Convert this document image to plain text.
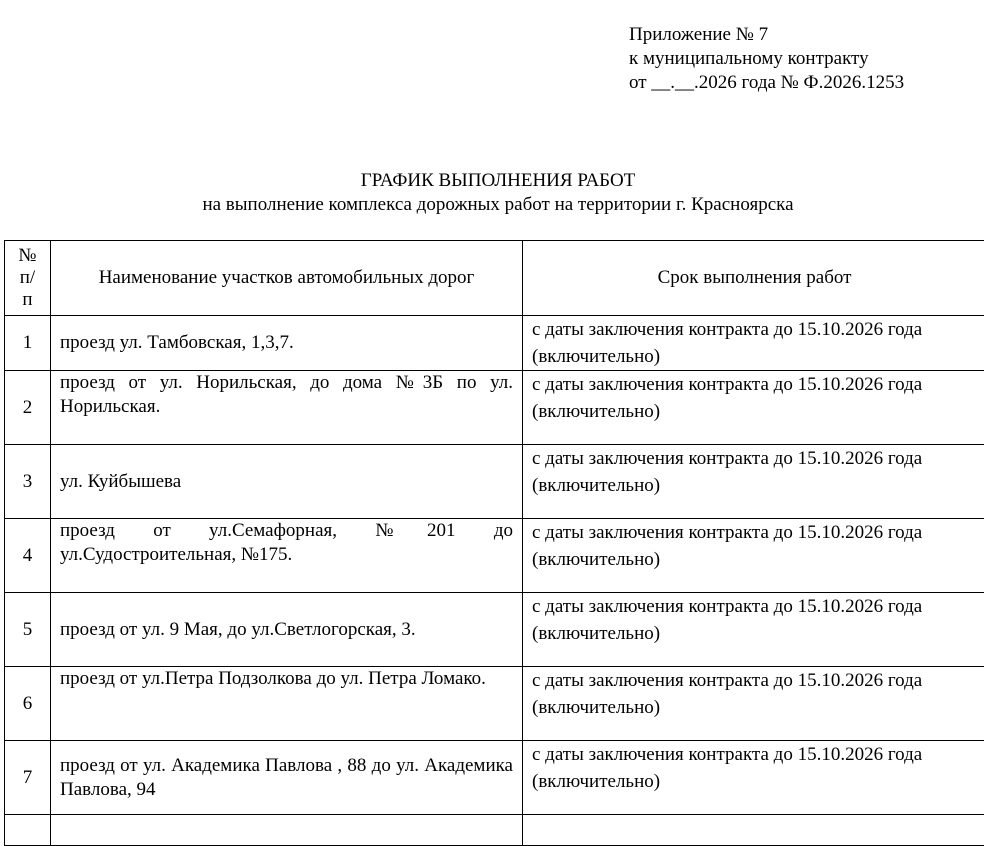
Приложение № 7
к муниципальному контракту
от __.__.2026 года № Ф.2026.1253
ГРАФИК ВЫПОЛНЕНИЯ РАБОТ
на выполнение комплекса дорожных работ на территории г. Красноярска
№
п/
п	Наименование участков автомобильных дорог	Срок выполнения работ
1	проезд ул. Тамбовская, 1,3,7.	с даты заключения контракта до 15.10.2026 года (включительно)
2	проезд от ул. Норильская, до дома №3Б по ул. Норильская.	с даты заключения контракта до 15.10.2026 года (включительно)
3	ул. Куйбышева	с даты заключения контракта до 15.10.2026 года (включительно)
4	проезд от ул.Семафорная, №201 до ул.Судостроительная, №175.	с даты заключения контракта до 15.10.2026 года (включительно)
5	проезд от ул. 9 Мая, до ул.Светлогорская, 3.	с даты заключения контракта до 15.10.2026 года (включительно)
6	проезд от ул.Петра Подзолкова до ул. Петра Ломако.	с даты заключения контракта до 15.10.2026 года (включительно)
7	проезд от ул. Академика Павлова , 88 до ул. Академика Павлова, 94	с даты заключения контракта до 15.10.2026 года (включительно)
